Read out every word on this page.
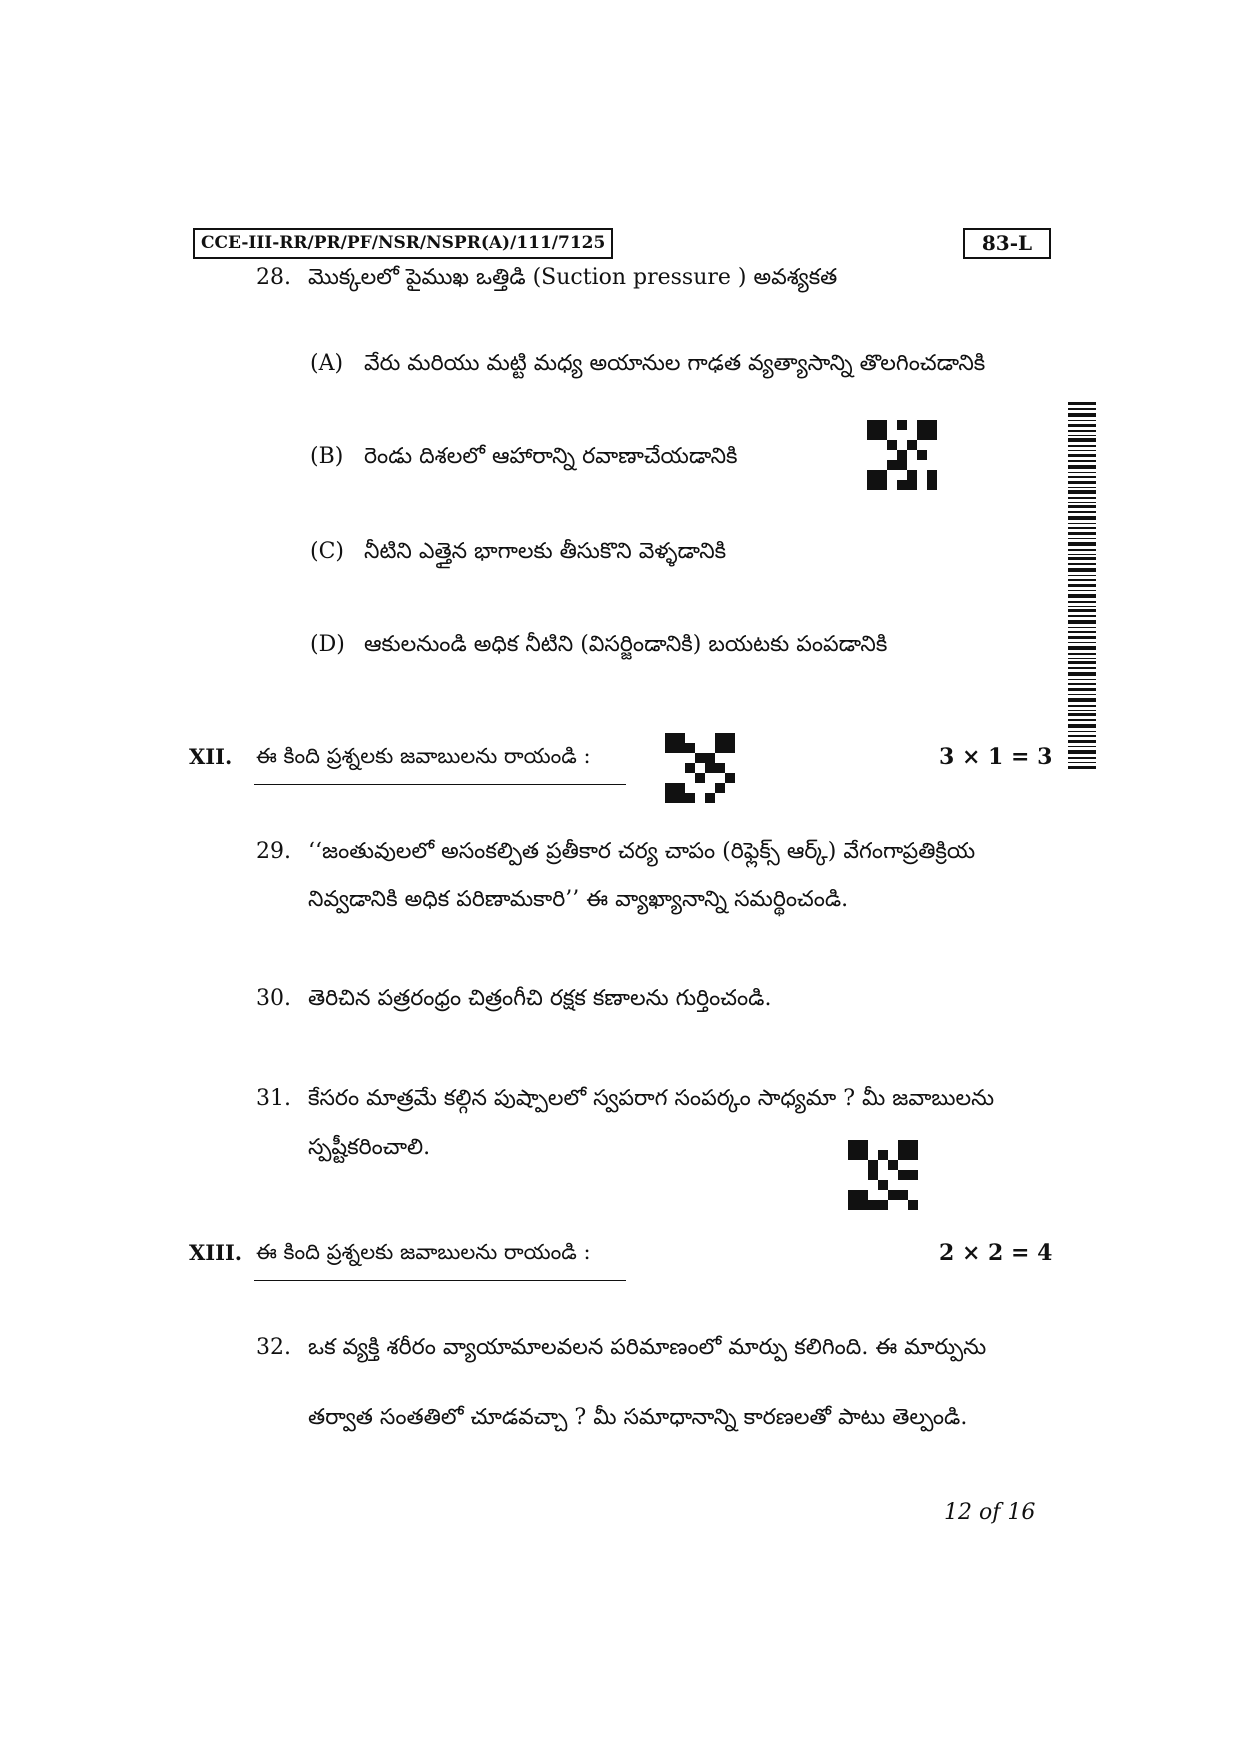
CCE-III-RR/PR/PF/NSR/NSPR(A)/111/7125	83-L
28. మొక్కలలో పైముఖ ఒత్తిడి (Suction pressure ) అవశ్యకత
(A) వేరు మరియు మట్టి మధ్య అయానుల గాఢత వ్యత్యాసాన్ని తొలగించడానికి
(B) రెండు దిశలలో ఆహారాన్ని రవాణాచేయడానికి
(C) నీటిని ఎత్తైన భాగాలకు తీసుకొని వెళ్ళడానికి
(D) ఆకులనుండి అధిక నీటిని (విసర్జిండానికి) బయటకు పంపడానికి
XII. ఈ కింది ప్రశ్నలకు జవాబులను రాయండి :	3 × 1 = 3
29. ‘‘జంతువులలో అసంకల్పిత ప్రతీకార చర్య చాపం (రిఫ్లెక్స్ ఆర్క్) వేగంగాప్రతిక్రియ
నివ్వడానికి అధిక పరిణామకారి’’ ఈ వ్యాఖ్యానాన్ని సమర్థించండి.
30. తెరిచిన పత్రరంధ్రం చిత్రంగీచి రక్షక కణాలను గుర్తించండి.
31. కేసరం మాత్రమే కల్గిన పుష్పాలలో స్వపరాగ సంపర్కం సాధ్యమా ? మీ జవాబులను
స్పష్టీకరించాలి.
XIII. ఈ కింది ప్రశ్నలకు జవాబులను రాయండి :	2 × 2 = 4
32. ఒక వ్యక్తి శరీరం వ్యాయామాలవలన పరిమాణంలో మార్పు కలిగింది. ఈ మార్పును
తర్వాత సంతతిలో చూడవచ్చా ? మీ సమాధానాన్ని కారణలతో పాటు తెల్పండి.
12 of 16
